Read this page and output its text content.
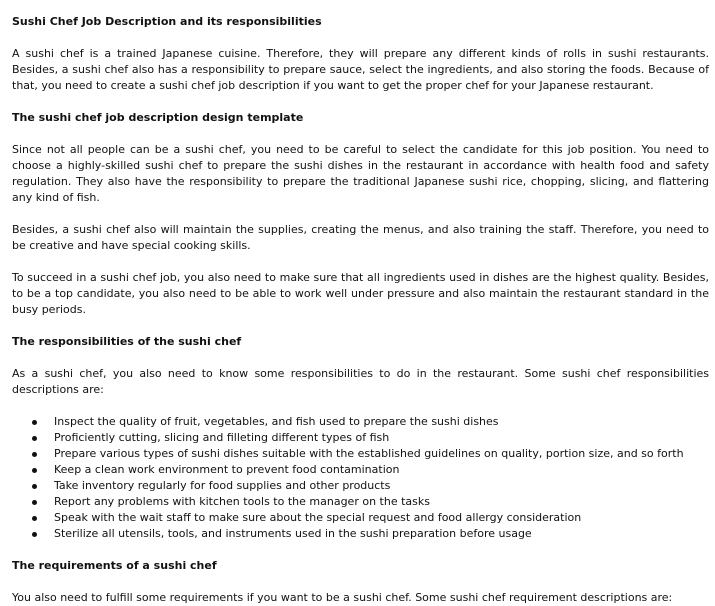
Sushi Chef Job Description and its responsibilities

A sushi chef is a trained Japanese cuisine. Therefore, they will prepare any different kinds of rolls in sushi restaurants. Besides, a sushi chef also has a responsibility to prepare sauce, select the ingredients, and also storing the foods. Because of that, you need to create a sushi chef job description if you want to get the proper chef for your Japanese restaurant.

The sushi chef job description design template

Since not all people can be a sushi chef, you need to be careful to select the candidate for this job position. You need to choose a highly-skilled sushi chef to prepare the sushi dishes in the restaurant in accordance with health food and safety regulation. They also have the responsibility to prepare the traditional Japanese sushi rice, chopping, slicing, and flattering any kind of fish.

Besides, a sushi chef also will maintain the supplies, creating the menus, and also training the staff. Therefore, you need to be creative and have special cooking skills.

To succeed in a sushi chef job, you also need to make sure that all ingredients used in dishes are the highest quality. Besides, to be a top candidate, you also need to be able to work well under pressure and also maintain the restaurant standard in the busy periods.

The responsibilities of the sushi chef

As a sushi chef, you also need to know some responsibilities to do in the restaurant. Some sushi chef responsibilities descriptions are:

Inspect the quality of fruit, vegetables, and fish used to prepare the sushi dishes
Proficiently cutting, slicing and filleting different types of fish
Prepare various types of sushi dishes suitable with the established guidelines on quality, portion size, and so forth
Keep a clean work environment to prevent food contamination
Take inventory regularly for food supplies and other products
Report any problems with kitchen tools to the manager on the tasks
Speak with the wait staff to make sure about the special request and food allergy consideration
Sterilize all utensils, tools, and instruments used in the sushi preparation before usage
The requirements of a sushi chef

You also need to fulfill some requirements if you want to be a sushi chef. Some sushi chef requirement descriptions are:
